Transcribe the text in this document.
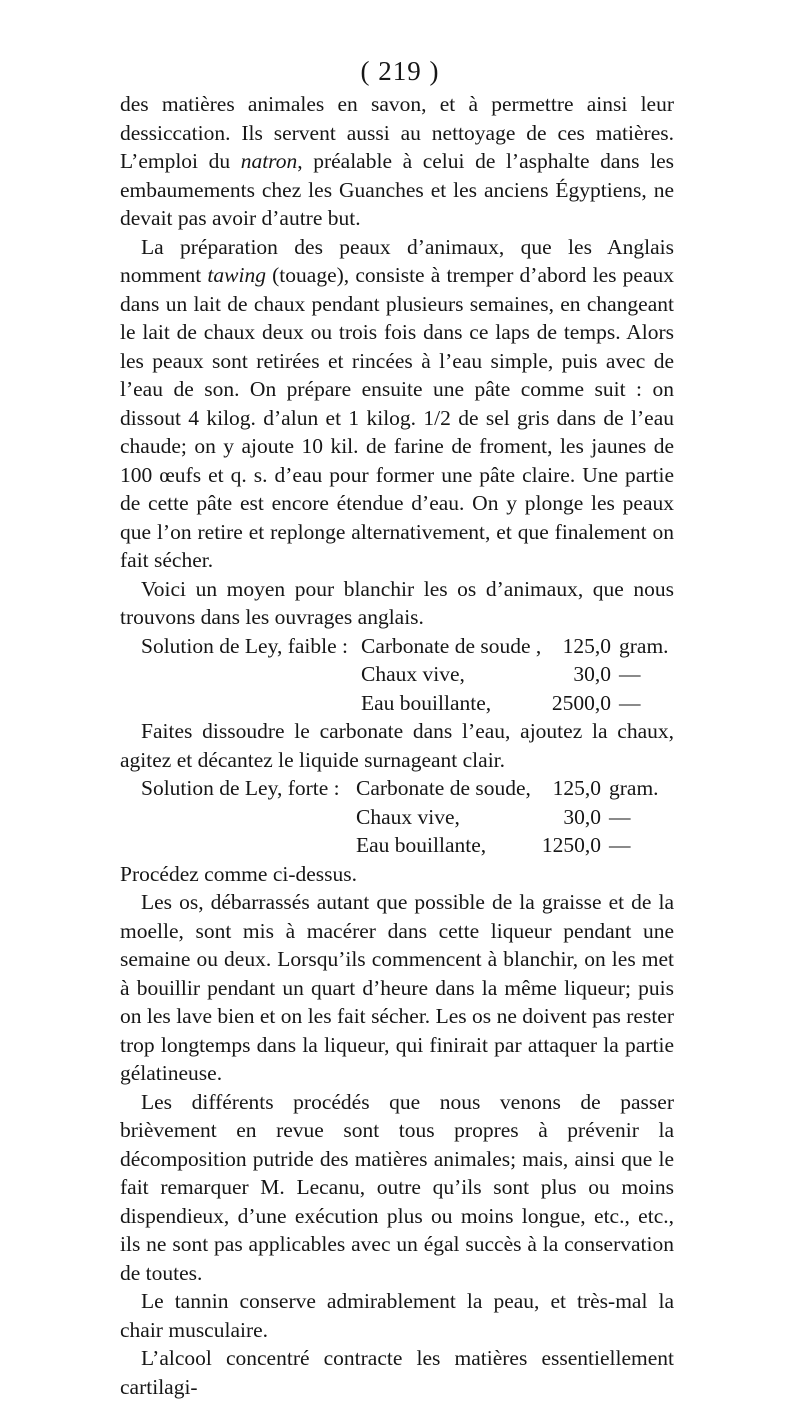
( 219 )

des matières animales en savon, et à permettre ainsi leur dessiccation. Ils servent aussi au nettoyage de ces matières. L’emploi du natron, préalable à celui de l’asphalte dans les embaumements chez les Guanches et les anciens Égyptiens, ne devait pas avoir d’autre but.

La préparation des peaux d’animaux, que les Anglais nomment tawing (touage), consiste à tremper d’abord les peaux dans un lait de chaux pendant plusieurs semaines, en changeant le lait de chaux deux ou trois fois dans ce laps de temps. Alors les peaux sont retirées et rincées à l’eau simple, puis avec de l’eau de son. On prépare ensuite une pâte comme suit : on dissout 4 kilog. d’alun et 1 kilog. 1/2 de sel gris dans de l’eau chaude; on y ajoute 10 kil. de farine de froment, les jaunes de 100 œufs et q. s. d’eau pour former une pâte claire. Une partie de cette pâte est encore étendue d’eau. On y plonge les peaux que l’on retire et replonge alternativement, et que finalement on fait sécher.

Voici un moyen pour blanchir les os d’animaux, que nous trouvons dans les ouvrages anglais.

Solution de Ley, faible : Carbonate de soude , 125,0 gram.
Chaux vive,	30,0 —
Eau bouillante,	2500,0 —

Faites dissoudre le carbonate dans l’eau, ajoutez la chaux, agitez et décantez le liquide surnageant clair.

Solution de Ley, forte : Carbonate de soude,	125,0 gram.
Chaux vive,	30,0 —
Eau bouillante,	1250,0 —

Procédez comme ci-dessus.

Les os, débarrassés autant que possible de la graisse et de la moelle, sont mis à macérer dans cette liqueur pendant une semaine ou deux. Lorsqu’ils commencent à blanchir, on les met à bouillir pendant un quart d’heure dans la même liqueur; puis on les lave bien et on les fait sécher. Les os ne doivent pas rester trop longtemps dans la liqueur, qui finirait par attaquer la partie gélatineuse.

Les différents procédés que nous venons de passer brièvement en revue sont tous propres à prévenir la décomposition putride des matières animales; mais, ainsi que le fait remarquer M. Lecanu, outre qu’ils sont plus ou moins dispendieux, d’une exécution plus ou moins longue, etc., etc., ils ne sont pas applicables avec un égal succès à la conservation de toutes.

Le tannin conserve admirablement la peau, et très-mal la chair musculaire.

L’alcool concentré contracte les matières essentiellement cartilagi-
